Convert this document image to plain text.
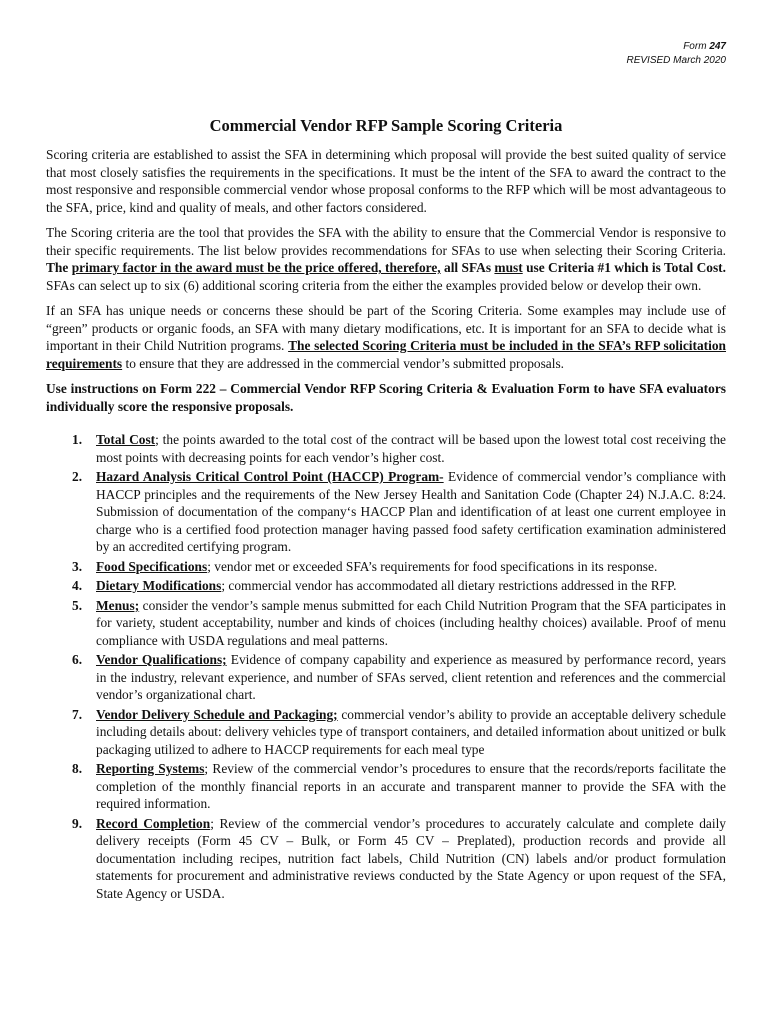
Form 247
REVISED March 2020
Commercial Vendor RFP Sample Scoring Criteria

Scoring criteria are established to assist the SFA in determining which proposal will provide the best suited quality of service that most closely satisfies the requirements in the specifications. It must be the intent of the SFA to award the contract to the most responsive and responsible commercial vendor whose proposal conforms to the RFP which will be most advantageous to the SFA, price, kind and quality of meals, and other factors considered.

The Scoring criteria are the tool that provides the SFA with the ability to ensure that the Commercial Vendor is responsive to their specific requirements. The list below provides recommendations for SFAs to use when selecting their Scoring Criteria. The primary factor in the award must be the price offered, therefore, all SFAs must use Criteria #1 which is Total Cost. SFAs can select up to six (6) additional scoring criteria from the either the examples provided below or develop their own.

If an SFA has unique needs or concerns these should be part of the Scoring Criteria. Some examples may include use of “green” products or organic foods, an SFA with many dietary modifications, etc. It is important for an SFA to decide what is important in their Child Nutrition programs. The selected Scoring Criteria must be included in the SFA’s RFP solicitation requirements to ensure that they are addressed in the commercial vendor’s submitted proposals.

Use instructions on Form 222 – Commercial Vendor RFP Scoring Criteria & Evaluation Form to have SFA evaluators individually score the responsive proposals.

1. Total Cost; the points awarded to the total cost of the contract will be based upon the lowest total cost receiving the most points with decreasing points for each vendor’s higher cost.
2. Hazard Analysis Critical Control Point (HACCP) Program- Evidence of commercial vendor’s compliance with HACCP principles and the requirements of the New Jersey Health and Sanitation Code (Chapter 24) N.J.A.C. 8:24. Submission of documentation of the company‘s HACCP Plan and identification of at least one current employee in charge who is a certified food protection manager having passed food safety certification examination administered by an accredited certifying program.
3. Food Specifications; vendor met or exceeded SFA’s requirements for food specifications in its response.
4. Dietary Modifications; commercial vendor has accommodated all dietary restrictions addressed in the RFP.
5. Menus; consider the vendor’s sample menus submitted for each Child Nutrition Program that the SFA participates in for variety, student acceptability, number and kinds of choices (including healthy choices) available. Proof of menu compliance with USDA regulations and meal patterns.
6. Vendor Qualifications; Evidence of company capability and experience as measured by performance record, years in the industry, relevant experience, and number of SFAs served, client retention and references and the commercial vendor’s organizational chart.
7. Vendor Delivery Schedule and Packaging; commercial vendor’s ability to provide an acceptable delivery schedule including details about: delivery vehicles type of transport containers, and detailed information about unitized or bulk packaging utilized to adhere to HACCP requirements for each meal type
8. Reporting Systems; Review of the commercial vendor’s procedures to ensure that the records/reports facilitate the completion of the monthly financial reports in an accurate and transparent manner to provide the SFA with the required information.
9. Record Completion; Review of the commercial vendor’s procedures to accurately calculate and complete daily delivery receipts (Form 45 CV – Bulk, or Form 45 CV – Preplated), production records and provide all documentation including recipes, nutrition fact labels, Child Nutrition (CN) labels and/or product formulation statements for procurement and administrative reviews conducted by the State Agency or upon request of the SFA, State Agency or USDA.
